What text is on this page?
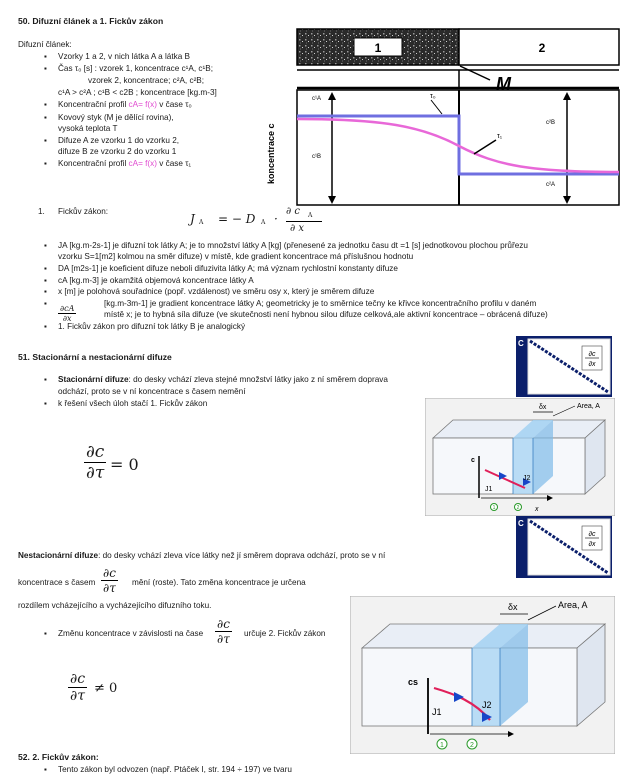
50. Difuzní článek a 1. Fickův zákon
Difuzní článek:
▪ Vzorky 1 a 2, v nich látka A a látka B
▪ Čas τ₀ [s] : vzorek 1, koncentrace c¹A, c¹B;
vzorek 2, koncentrace; c²A, c²B;
c¹A > c²A ; c¹B < c2B ; koncentrace [kg.m-3]
▪ Koncentrační profil cA= f(x) v čase τ₀
▪ Kovový styk (M je dělící rovina),
vysoká teplota T
▪ Difuze A ze vzorku 1 do vzorku 2,
difuze B ze vzorku 2 do vzorku 1
▪ Koncentrační profil cA= f(x) v čase τ₁
1	2
M
koncentrace c
c¹A
c¹B
c²B
c²A
τ₀
τ₁
1. Fickův zákon:
J A = − D A ·
∂ c A
∂ x
▪ JA [kg.m-2s-1] je difuzní tok látky A; je to množství látky A [kg] (přenesené za jednotku času dt =1 [s] jednotkovou plochou průřezu
vzorku S=1[m2] kolmou na směr difuze) v místě, kde gradient koncentrace má příslušnou hodnotu
▪ DA [m2s-1] je koeficient difuze neboli difuzivita látky A; má význam rychlostní konstanty difuze
▪ cA [kg.m-3] je okamžitá objemová koncentrace látky A
▪ x [m] je polohová souřadnice (popř. vzdálenost) ve směru osy x, který je směrem difuze
▪	[kg.m-3m-1] je gradient koncentrace látky A; geometricky je to směrnice tečny ke křivce koncentračního profilu v daném
$\frac{\partial cA}{\partial x}$	místě x; je to hybná síla difuze (ve skutečnosti není hybnou silou difuze celková,ale aktivní koncentrace – obrácená difuze)
▪ 1. Fickův zákon pro difuzní tok látky B je analogický
51. Stacionární a nestacionární difuze
▪ Stacionární difuze: do desky vchází zleva stejné množství látky jako z ní směrem doprava
odchází, proto se v ní koncentrace s časem nemění
▪ k řešení všech úloh stačí 1. Fickův zákon
$\frac{\partial c}{\partial\tau} = 0$
Nestacionární difuze: do desky vchází zleva více látky než jí směrem doprava odchází, proto se v ní
koncentrace s časem $\frac{\partial c}{\partial\tau}$ mění (roste). Tato změna koncentrace je určena
rozdílem vcházejícího a vycházejícího difuzního toku.
▪ Změnu koncentrace v závislosti na čase $\frac{\partial c}{\partial\tau}$ určuje 2. Fickův zákon
$\frac{\partial c}{\partial\tau} \ne 0$
52. 2. Fickův zákon:
▪ Tento zákon byl odvozen (např. Ptáček I, str. 194 ÷ 197) ve tvaru
C
∂c
∂x
C
∂c
∂x
δx	Area, A
c
J1
J2
x
1	2
δx	Area, A
cs
J1
J2
1	2
